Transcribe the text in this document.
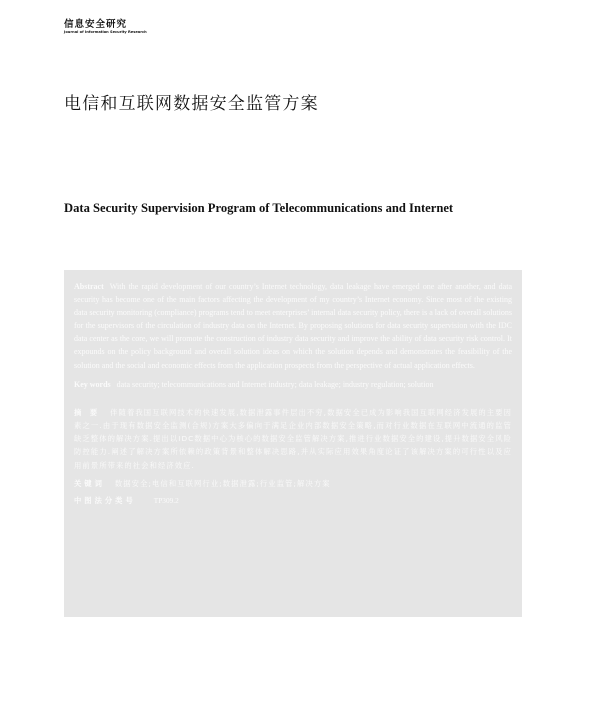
信息安全研究
Journal of Information Security Research
电信和互联网数据安全监管方案
Data Security Supervision Program of Telecommunications and Internet
Abstract With the rapid development of our country’s Internet technology, data leakage have emerged one after another, and data security has become one of the main factors affecting the development of my country’s Internet economy. Since most of the existing data security monitoring (compliance) programs tend to meet enterprises’ internal data security policy, there is a lack of overall solutions for the supervisors of the circulation of industry data on the Internet. By proposing solutions for data security supervision with the IDC data center as the core, we will promote the construction of industry data security and improve the ability of data security risk control. It expounds on the policy background and overall solution ideas on which the solution depends and demonstrates the feasibility of the solution and the social and economic effects from the application prospects from the perspective of actual application effects.
Key words data security; telecommunications and Internet industry; data leakage; industry regulation; solution
摘 要 伴随着我国互联网技术的快速发展,数据泄露事件层出不穷,数据安全已成为影响我国互联网经济发展的主要因素之一.由于现有数据安全监测(合规)方案大多偏向于满足企业内部数据安全策略,而对行业数据在互联网中流通的监管缺乏整体的解决方案.提出以IDC数据中心为核心的数据安全监管解决方案,推进行业数据安全的建设,提升数据安全风险防控能力.阐述了解决方案所依赖的政策背景和整体解决思路,并从实际应用效果角度论证了该解决方案的可行性以及应用前景所带来的社会和经济效应.
关键词 数据安全;电信和互联网行业;数据泄露;行业监管;解决方案
中图法分类号 TP309.2
